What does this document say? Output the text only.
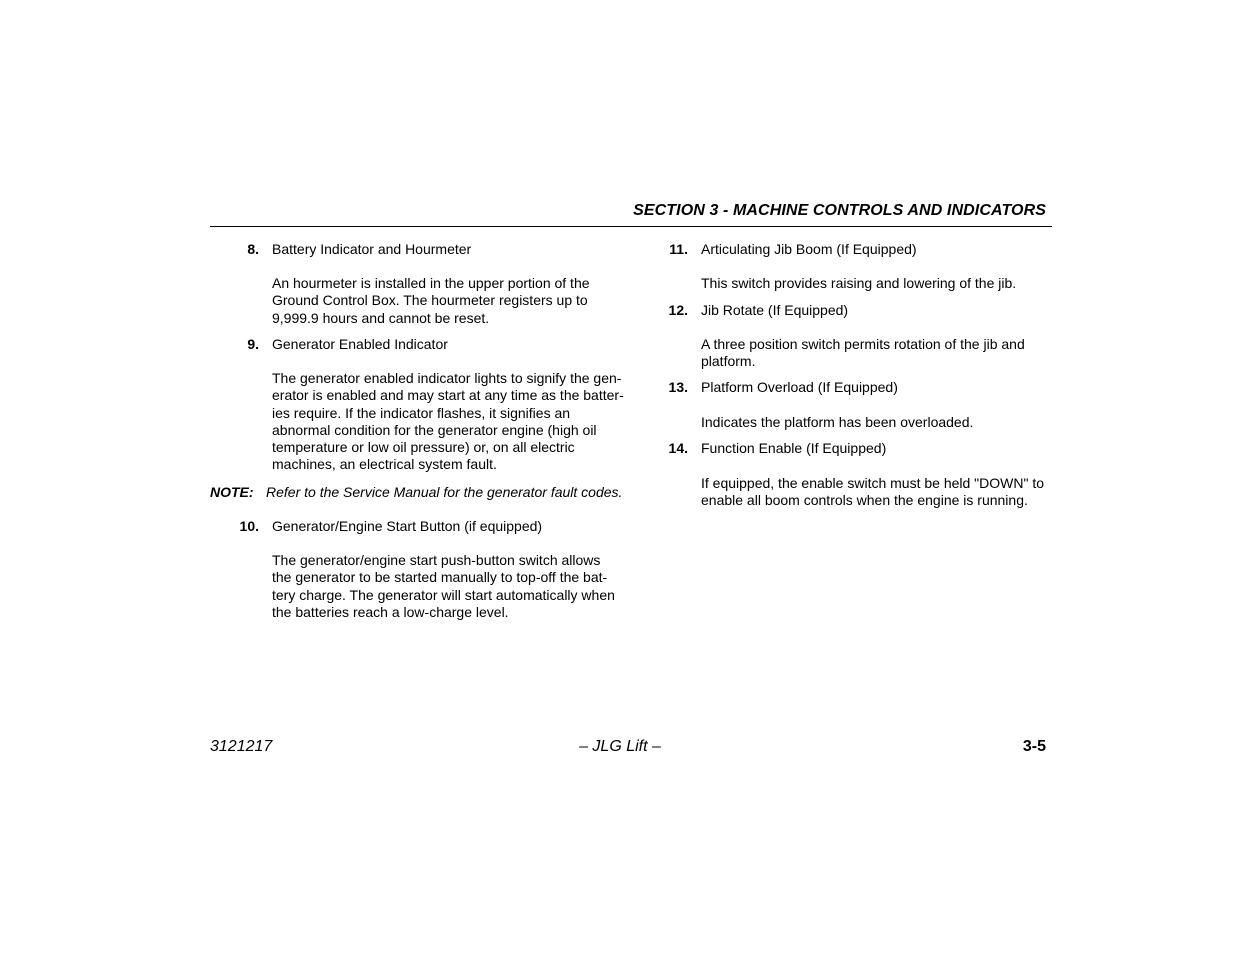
SECTION 3 - MACHINE CONTROLS AND INDICATORS
8. Battery Indicator and Hourmeter

An hourmeter is installed in the upper portion of the

Ground Control Box. The hourmeter registers up to

9,999.9 hours and cannot be reset.

9. Generator Enabled Indicator

The generator enabled indicator lights to signify the gen-

erator is enabled and may start at any time as the batter-

ies require. If the indicator flashes, it signifies an

abnormal condition for the generator engine (high oil

temperature or low oil pressure) or, on all electric

machines, an electrical system fault.

NOTE: Refer to the Service Manual for the generator fault codes.
10. Generator/Engine Start Button (if equipped)

The generator/engine start push-button switch allows

the generator to be started manually to top-off the bat-

tery charge. The generator will start automatically when

the batteries reach a low-charge level.

11. Articulating Jib Boom (If Equipped)

This switch provides raising and lowering of the jib.

12. Jib Rotate (If Equipped)

A three position switch permits rotation of the jib and

platform.

13. Platform Overload (If Equipped)

Indicates the platform has been overloaded.

14. Function Enable (If Equipped)

If equipped, the enable switch must be held "DOWN" to

enable all boom controls when the engine is running.

3121217	– JLG Lift –	3-5
